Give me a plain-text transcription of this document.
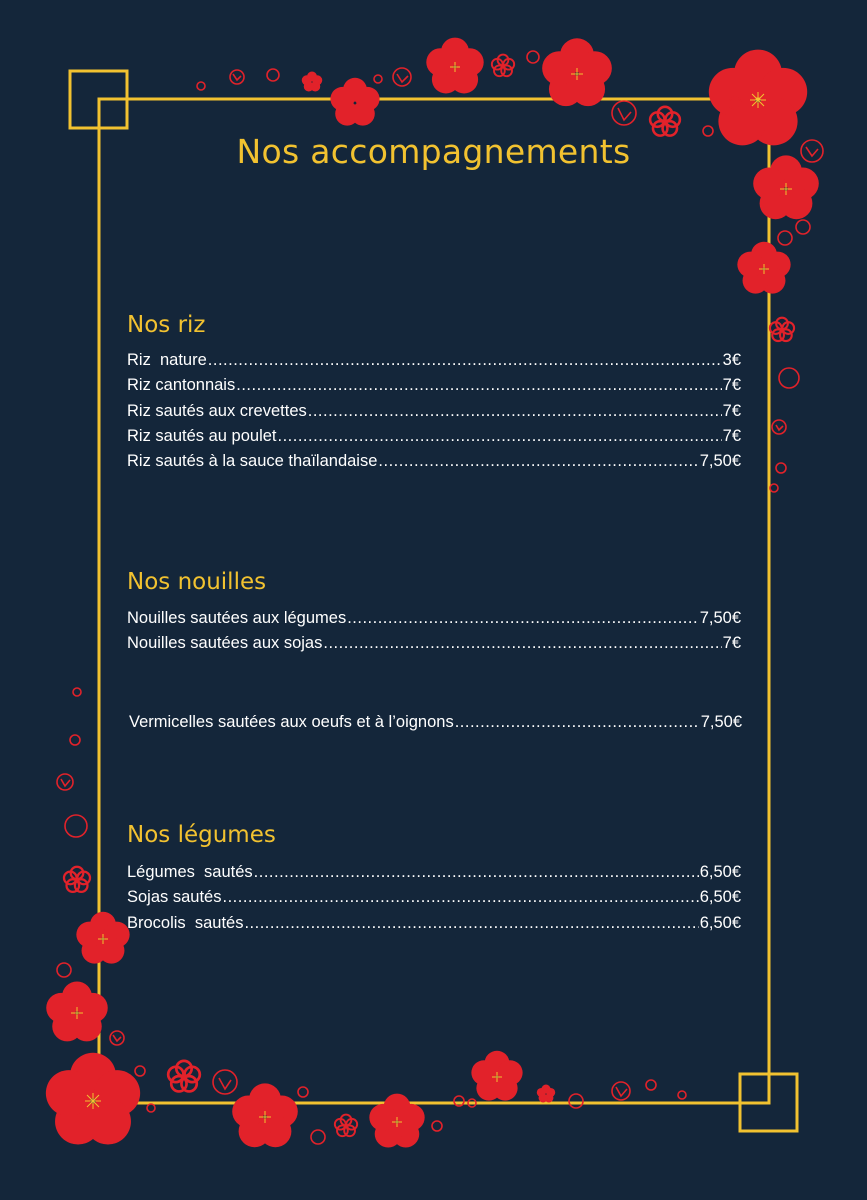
Nos accompagnements
Nos riz
Riz  nature .....	3€
Riz cantonnais .....	7€
Riz sautés aux crevettes .....	7€
Riz sautés au poulet .....	7€
Riz sautés à la sauce thaïlandaise .....	7,50€
Nos nouilles
Nouilles sautées aux légumes .....	7,50€
Nouilles sautées aux sojas .....	7€
Vermicelles sautées aux oeufs et à l’oignons .....	7,50€
Nos légumes
Légumes  sautés .....	6,50€
Sojas sautés .....	6,50€
Brocolis  sautés .....	6,50€
